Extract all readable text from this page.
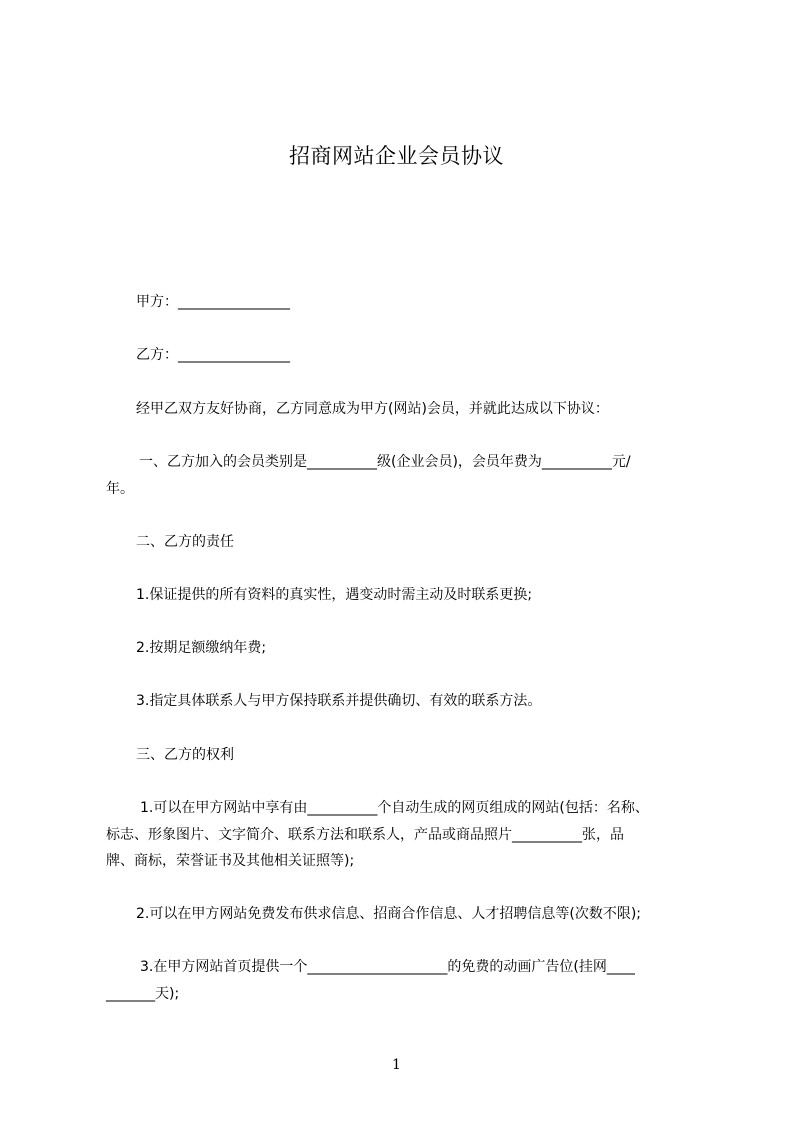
招商网站企业会员协议
甲方：________________
乙方：________________
经甲乙双方友好协商，乙方同意成为甲方(网站)会员，并就此达成以下协议：
一、乙方加入的会员类别是__________级(企业会员)，会员年费为__________元/
年。
二、乙方的责任
1.保证提供的所有资料的真实性，遇变动时需主动及时联系更换;
2.按期足额缴纳年费;
3.指定具体联系人与甲方保持联系并提供确切、有效的联系方法。
三、乙方的权利
1.可以在甲方网站中享有由__________个自动生成的网页组成的网站(包括：名称、
标志、形象图片、文字简介、联系方法和联系人，产品或商品照片__________张，品
牌、商标，荣誉证书及其他相关证照等);
2.可以在甲方网站免费发布供求信息、招商合作信息、人才招聘信息等(次数不限);
3.在甲方网站首页提供一个____________________的免费的动画广告位(挂网____
_______天);
1
